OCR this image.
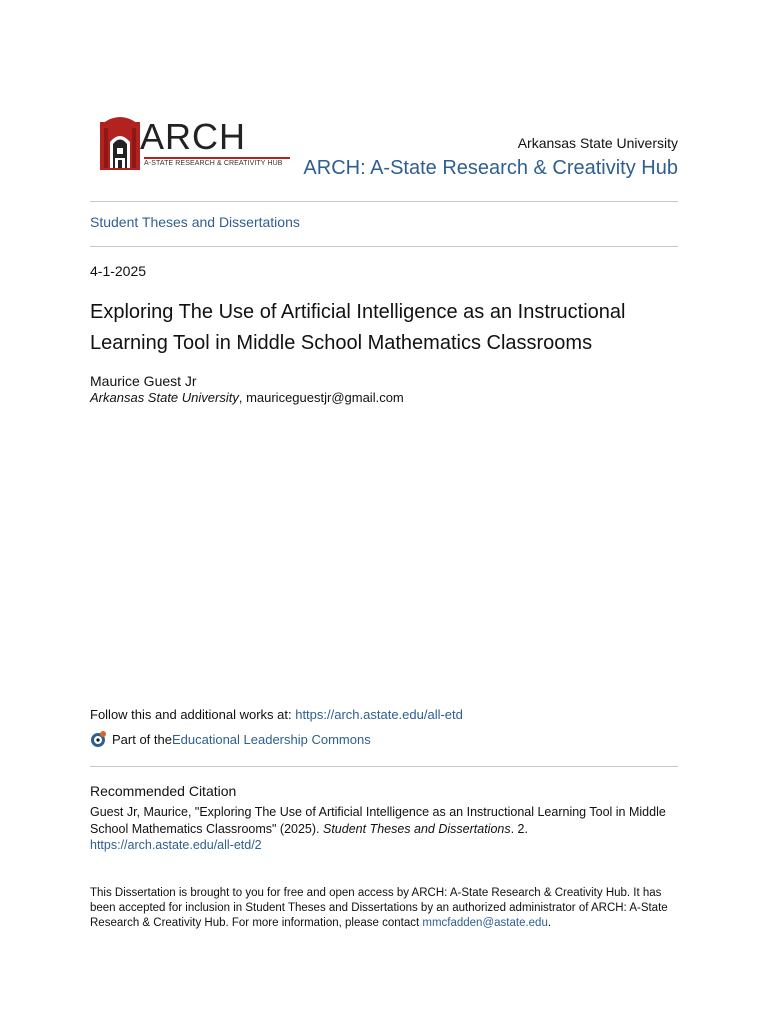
ARCH
A-STATE RESEARCH & CREATIVITY HUB
Arkansas State University
ARCH: A-State Research & Creativity Hub
Student Theses and Dissertations
4-1-2025
Exploring The Use of Artificial Intelligence as an Instructional Learning Tool in Middle School Mathematics Classrooms
Maurice Guest Jr
Arkansas State University, mauriceguestjr@gmail.com
Follow this and additional works at: https://arch.astate.edu/all-etd
Part of the Educational Leadership Commons
Recommended Citation
Guest Jr, Maurice, "Exploring The Use of Artificial Intelligence as an Instructional Learning Tool in Middle School Mathematics Classrooms" (2025). Student Theses and Dissertations. 2.
https://arch.astate.edu/all-etd/2
This Dissertation is brought to you for free and open access by ARCH: A-State Research & Creativity Hub. It has been accepted for inclusion in Student Theses and Dissertations by an authorized administrator of ARCH: A-State Research & Creativity Hub. For more information, please contact mmcfadden@astate.edu.
